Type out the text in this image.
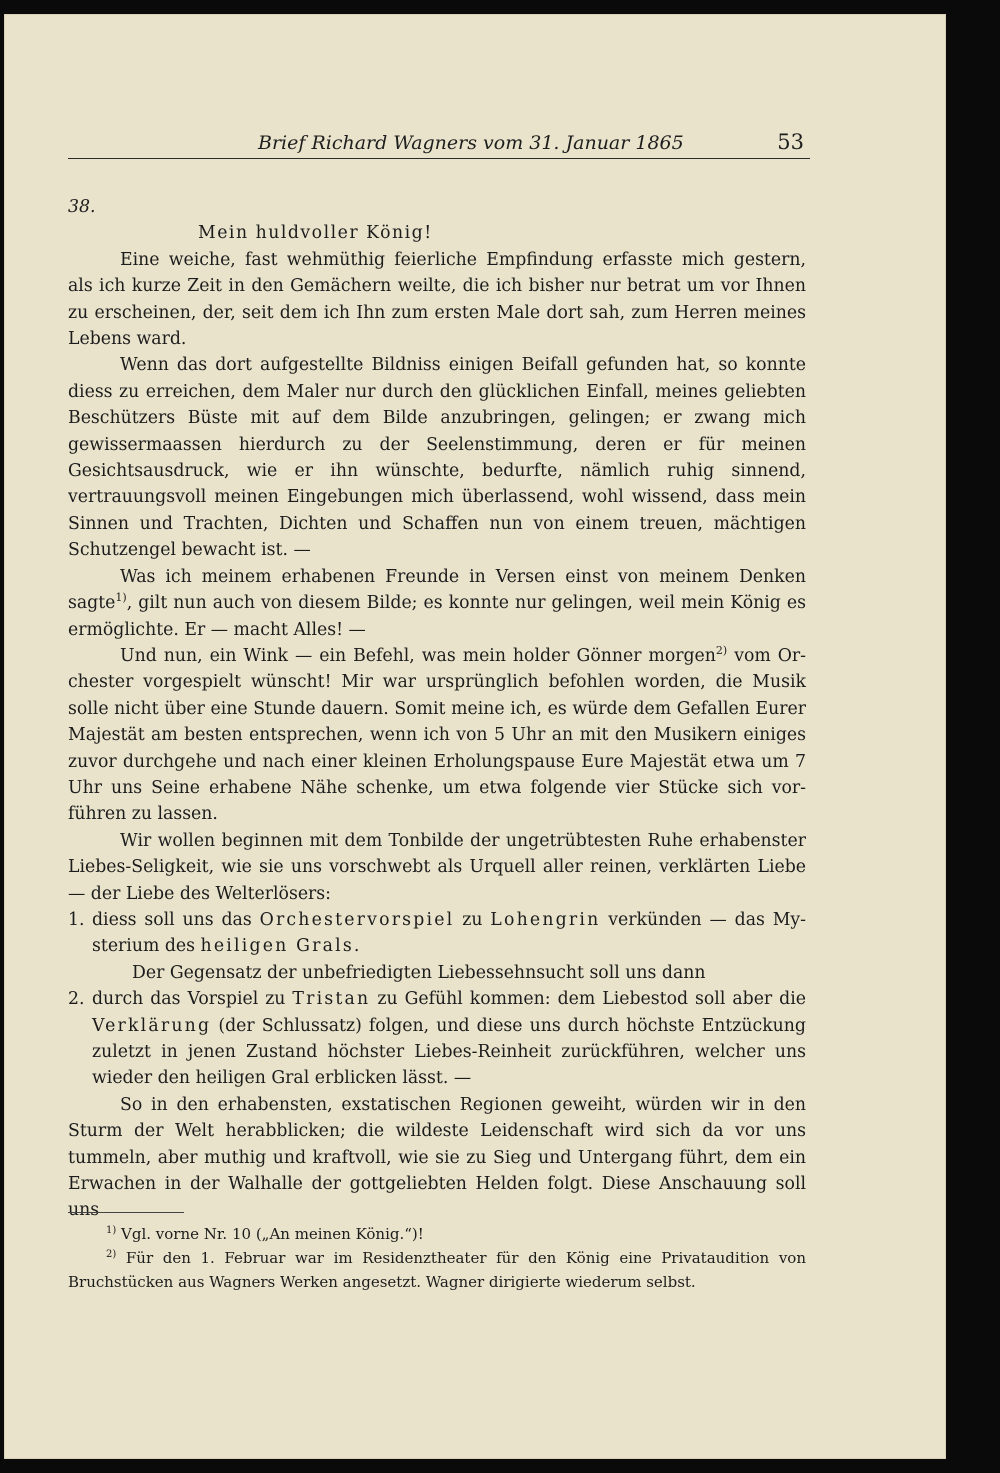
Brief Richard Wagners vom 31. Januar 1865	53

38.

Mein huldvoller König!

Eine weiche, fast wehmüthig feierliche Empfindung erfasste mich gestern, als ich kurze Zeit in den Gemächern weilte, die ich bisher nur betrat um vor Ihnen zu erscheinen, der, seit dem ich Ihn zum ersten Male dort sah, zum Herren meines Lebens ward.

Wenn das dort aufgestellte Bildniss einigen Beifall gefunden hat, so konnte diess zu erreichen, dem Maler nur durch den glücklichen Einfall, meines geliebten Beschützers Büste mit auf dem Bilde anzubringen, gelingen; er zwang mich gewissermaassen hierdurch zu der Seelenstimmung, deren er für meinen Gesichtsausdruck, wie er ihn wünschte, bedurfte, nämlich ruhig sinnend, vertrauungsvoll meinen Eingebungen mich überlassend, wohl wissend, dass mein Sinnen und Trachten, Dichten und Schaffen nun von einem treuen, mächtigen Schutzengel bewacht ist. —

Was ich meinem erhabenen Freunde in Versen einst von meinem Denken sagte$^{1)}$, gilt nun auch von diesem Bilde; es konnte nur gelingen, weil mein König es ermöglichte. Er — macht Alles! —

Und nun, ein Wink — ein Befehl, was mein holder Gönner morgen$^{2)}$ vom Orchester vorgespielt wünscht! Mir war ursprünglich befohlen worden, die Musik solle nicht über eine Stunde dauern. Somit meine ich, es würde dem Gefallen Eurer Majestät am besten entsprechen, wenn ich von 5 Uhr an mit den Musikern einiges zuvor durchgehe und nach einer kleinen Erholungspause Eure Majestät etwa um 7 Uhr uns Seine erhabene Nähe schenke, um etwa folgende vier Stücke sich vorführen zu lassen.

Wir wollen beginnen mit dem Tonbilde der ungetrübtesten Ruhe erhabenster Liebes-Seligkeit, wie sie uns vorschwebt als Urquell aller reinen, verklärten Liebe — der Liebe des Welterlösers:

1. diess soll uns das Orchestervorspiel zu Lohengrin verkünden — das Mysterium des heiligen Grals.

Der Gegensatz der unbefriedigten Liebessehnsucht soll uns dann

2. durch das Vorspiel zu Tristan zu Gefühl kommen: dem Liebestod soll aber die Verklärung (der Schlussatz) folgen, und diese uns durch höchste Entzückung zuletzt in jenen Zustand höchster Liebes-Reinheit zurückführen, welcher uns wieder den heiligen Gral erblicken lässt. —

So in den erhabensten, exstatischen Regionen geweiht, würden wir in den Sturm der Welt herabblicken; die wildeste Leidenschaft wird sich da vor uns tummeln, aber muthig und kraftvoll, wie sie zu Sieg und Untergang führt, dem ein Erwachen in der Walhalle der gottgeliebten Helden folgt. Diese Anschauung soll uns

$^{1)}$ Vgl. vorne Nr. 10 („An meinen König.“)!

$^{2)}$ Für den 1. Februar war im Residenztheater für den König eine Privataudition von Bruchstücken aus Wagners Werken angesetzt. Wagner dirigierte wiederum selbst.
